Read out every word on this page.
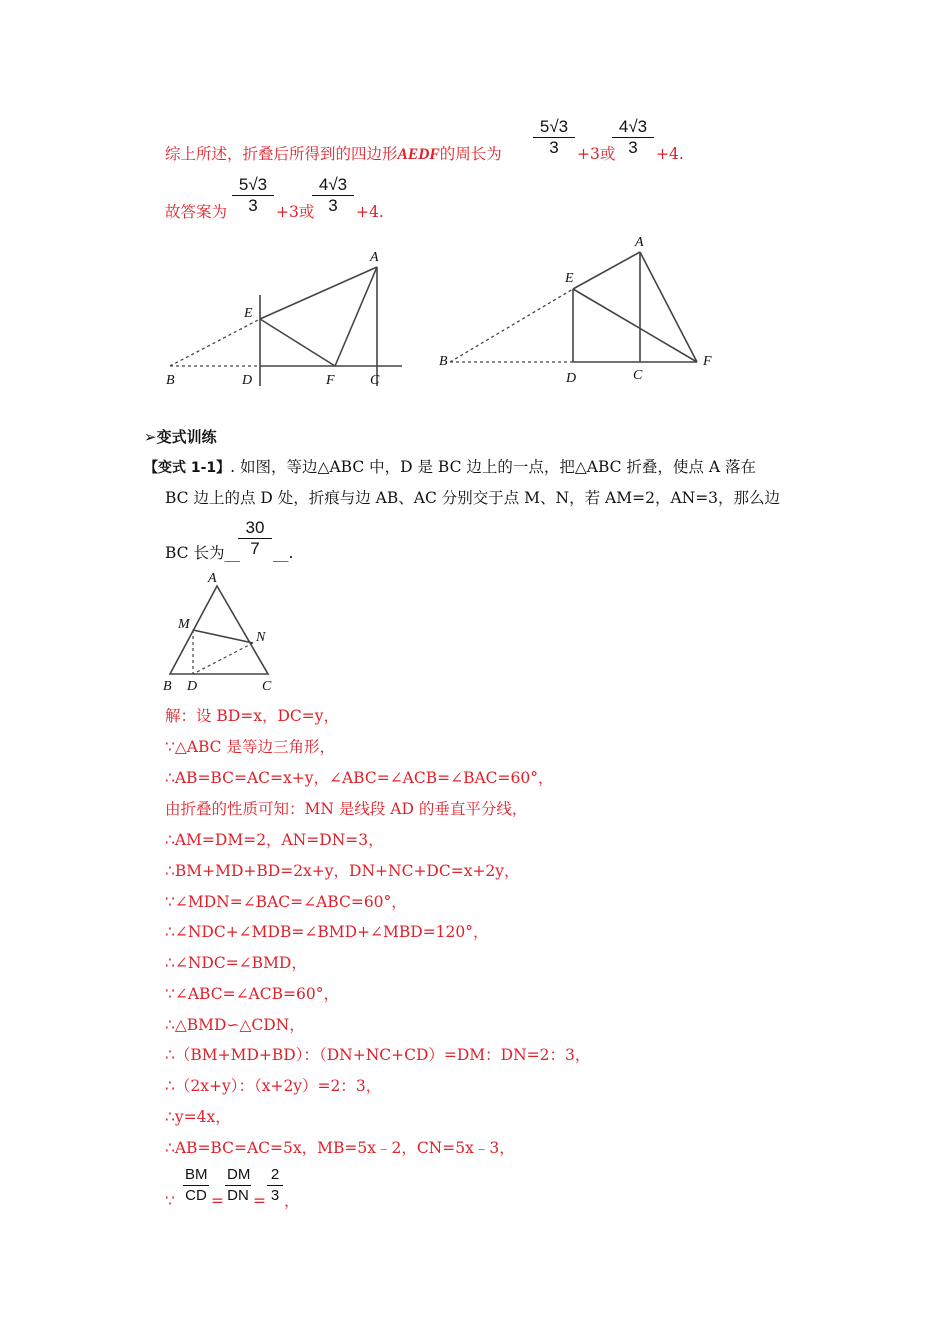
综上所述，折叠后所得到的四边形AEDF的周长为 $\frac{5√3}{3} +3$或
$\frac{4√3}{3} +4$.
故答案为 $\frac{5√3}{3} +3$或
$\frac{4√3}{3} +4$.
A
E
B	D	F	C
A
E
B
D	C
F
➢变式训练
【变式 1-1】. 如图，等边△ABC 中，D 是 BC 边上的一点，把△ABC 折叠，使点 A 落在
BC 边上的点 D 处，折痕与边 AB、AC 分别交于点 M、N，若 AM=2，AN=3，那么边
BC 长为__
$\frac{30}{7}$ __.
A
M
N
B D	C
解：设 BD=x，DC=y，
∵△ABC 是等边三角形，
∴AB=BC=AC=x+y，∠ABC=∠ACB=∠BAC=60°，
由折叠的性质可知：MN 是线段 AD 的垂直平分线，
∴AM=DM=2，AN=DN=3，
∴BM+MD+BD=2x+y，DN+NC+DC=x+2y，
∵∠MDN=∠BAC=∠ABC=60°，
∴∠NDC+∠MDB=∠BMD+∠MBD=120°，
∴∠NDC=∠BMD，
∵∠ABC=∠ACB=60°，
∴△BMD∽△CDN，
∴（BM+MD+BD）：（DN+NC+CD）=DM：DN=2：3，
∴（2x+y）：（x+2y）=2：3，
∴y=4x，
∴AB=BC=AC=5x，MB=5x﹣2，CN=5x﹣3，
∵ $\frac{BM}{CD} = \frac{DM}{DN} = \frac{2}{3}$ ，
